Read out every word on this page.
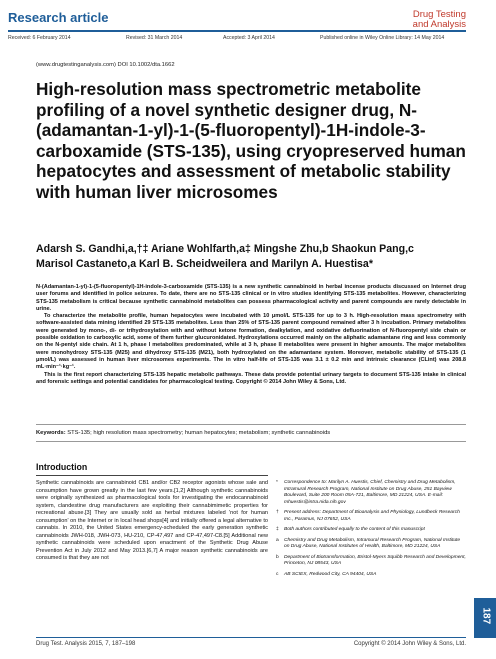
Research article	Drug Testing
and Analysis
Received: 6 February 2014	Revised: 31 March 2014	Accepted: 3 April 2014	Published online in Wiley Online Library: 14 May 2014
(www.drugtestinganalysis.com) DOI 10.1002/dta.1662
High-resolution mass spectrometric metabolite profiling of a novel synthetic designer drug, N-(adamantan-1-yl)-1-(5-fluoropentyl)-1H-indole-3-carboxamide (STS-135), using cryopreserved human hepatocytes and assessment of metabolic stability with human liver microsomes
Adarsh S. Gandhi,a,†‡ Ariane Wohlfarth,a‡ Mingshe Zhu,b Shaokun Pang,c
Marisol Castaneto,a Karl B. Scheidweilera and Marilyn A. Huestisa*

N-(Adamantan-1-yl)-1-(5-fluoropentyl)-1H-indole-3-carboxamide (STS-135) is a new synthetic cannabinoid in herbal incense products discussed on Internet drug user forums and identified in police seizures. To date, there are no STS-135 clinical or in vitro studies identifying STS-135 metabolites. However, characterizing STS-135 metabolism is critical because synthetic cannabinoid metabolites can possess pharmacological activity and parent compounds are rarely detectable in urine.

To characterize the metabolite profile, human hepatocytes were incubated with 10 μmol/L STS-135 for up to 3 h. High-resolution mass spectrometry with software-assisted data mining identified 29 STS-135 metabolites. Less than 25% of STS-135 parent compound remained after 3 h incubation. Primary metabolites were generated by mono-, di- or trihydroxylation with and without ketone formation, dealkylation, and oxidative defluorination of N-fluoropentyl side chain or possible oxidation to carboxylic acid, some of them further glucuronidated. Hydroxylations occurred mainly on the aliphatic adamantane ring and less commonly on the N-pentyl side chain. At 1 h, phase I metabolites predominated, while at 3 h, phase II metabolites were present in higher amounts. The major metabolites were monohydroxy STS-135 (M25) and dihydroxy STS-135 (M21), both hydroxylated on the adamantane system. Moreover, metabolic stability of STS-135 (1 μmol/L) was assessed in human liver microsomes experiments. The in vitro half-life of STS-135 was 3.1 ± 0.2 min and intrinsic clearance (CLint) was 208.8 mL·min⁻¹·kg⁻¹.

This is the first report characterizing STS-135 hepatic metabolic pathways. These data provide potential urinary targets to document STS-135 intake in clinical and forensic settings and potential candidates for pharmacological testing. Copyright © 2014 John Wiley & Sons, Ltd.

Keywords: STS-135; high resolution mass spectrometry; human hepatocytes; metabolism; synthetic cannabinoids
Introduction
Synthetic cannabinoids are cannabinoid CB1 and/or CB2 receptor agonists whose sale and consumption have grown greatly in the last few years.[1,2] Although synthetic cannabinoids were originally synthesized as pharmacological tools for investigating the endocannabinoid system, clandestine drug manufacturers are exploiting their cannabimimetic properties for recreational abuse.[3] They are usually sold as herbal mixtures labeled 'not for human consumption' on the Internet or in local head shops[4] and initially offered a legal alternative to cannabis. In 2010, the United States emergency-scheduled the early generation synthetic cannabinoids JWH-018, JWH-073, HU-210, CP-47,497 and CP-47,497-C8.[5] Additional new synthetic cannabinoids were scheduled upon enactment of the Synthetic Drug Abuse Prevention Act in July 2012 and May 2013.[6,7] A major reason synthetic cannabinoids are consumed is that they are not
* Correspondence to: Marilyn A. Huestis, Chief, Chemistry and Drug Metabolism, Intramural Research Program, National Institute on Drug Abuse, 251 Bayview Boulevard, Suite 200 Room 05A-721, Baltimore, MD 21224, USA. E-mail: mhuestis@intra.nida.nih.gov
† Present address: Department of Bioanalysis and Physiology, Lundbeck Research Inc., Paramus, NJ 07652, USA
‡ Both authors contributed equally to the content of this manuscript
a Chemistry and Drug Metabolism, Intramural Research Program, National Institute on Drug Abuse, National Institutes of Health, Baltimore, MD 21224, USA
b Department of Biotransformation, Bristol-Myers Squibb Research and Development, Princeton, NJ 08543, USA
c AB SCIEX, Redwood City, CA 94404, USA
187
Drug Test. Analysis 2015, 7, 187–198	Copyright © 2014 John Wiley & Sons, Ltd.
